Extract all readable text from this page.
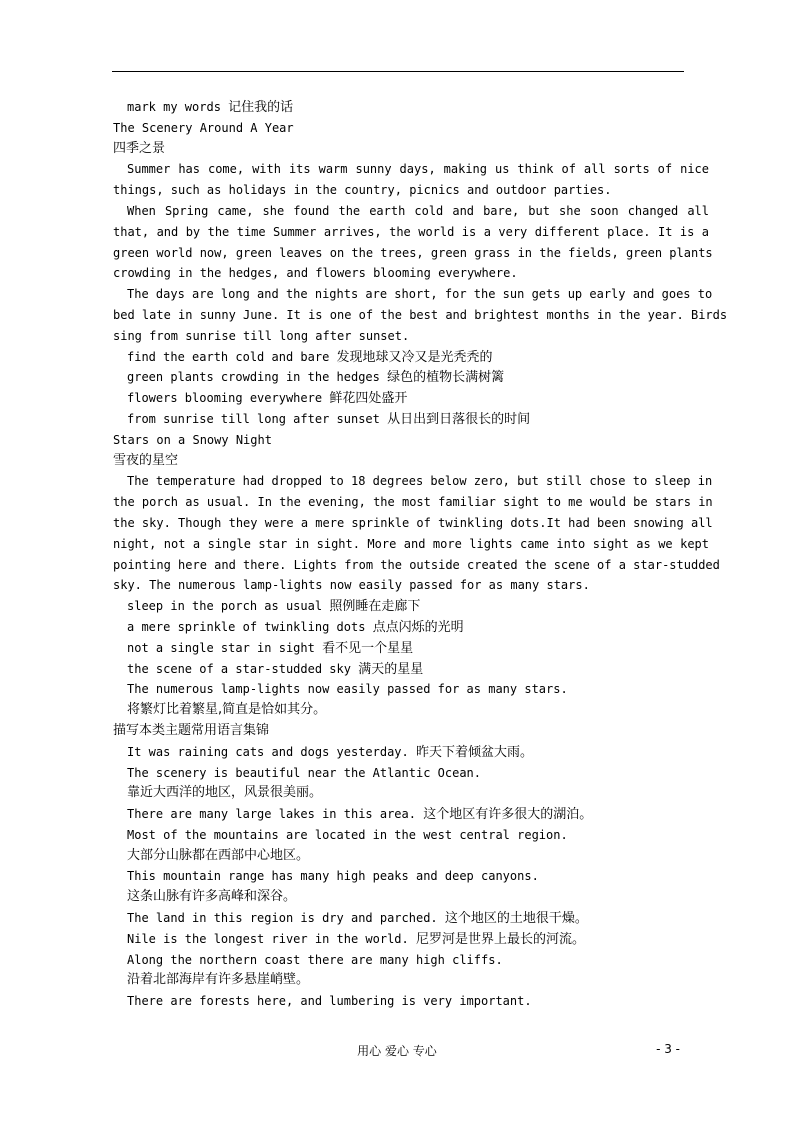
mark my words 记住我的话
The Scenery Around A Year
四季之景
Summer has come, with its warm sunny days, making us think of all sorts of nice
things, such as holidays in the country, picnics and outdoor parties.
When Spring came, she found the earth cold and bare, but she soon changed all
that, and by the time Summer arrives, the world is a very different place. It is a
green world now, green leaves on the trees, green grass in the fields, green plants
crowding in the hedges, and flowers blooming everywhere.
The days are long and the nights are short, for the sun gets up early and goes to
bed late in sunny June. It is one of the best and brightest months in the year. Birds
sing from sunrise till long after sunset.
find the earth cold and bare 发现地球又冷又是光秃秃的
green plants crowding in the hedges 绿色的植物长满树篱
flowers blooming everywhere 鲜花四处盛开
from sunrise till long after sunset 从日出到日落很长的时间
Stars on a Snowy Night
雪夜的星空
The temperature had dropped to 18 degrees below zero, but still chose to sleep in
the porch as usual. In the evening, the most familiar sight to me would be stars in
the sky. Though they were a mere sprinkle of twinkling dots.It had been snowing all
night, not a single star in sight. More and more lights came into sight as we kept
pointing here and there. Lights from the outside created the scene of a star-studded
sky. The numerous lamp-lights now easily passed for as many stars.
sleep in the porch as usual 照例睡在走廊下
a mere sprinkle of twinkling dots 点点闪烁的光明
not a single star in sight 看不见一个星星
the scene of a star-studded sky 满天的星星
The numerous lamp-lights now easily passed for as many stars.
将繁灯比着繁星,简直是恰如其分。
描写本类主题常用语言集锦
It was raining cats and dogs yesterday. 昨天下着倾盆大雨。
The scenery is beautiful near the Atlantic Ocean.
靠近大西洋的地区，风景很美丽。
There are many large lakes in this area. 这个地区有许多很大的湖泊。
Most of the mountains are located in the west central region.
大部分山脉都在西部中心地区。
This mountain range has many high peaks and deep canyons.
这条山脉有许多高峰和深谷。
The land in this region is dry and parched. 这个地区的土地很干燥。
Nile is the longest river in the world. 尼罗河是世界上最长的河流。
Along the northern coast there are many high cliffs.
沿着北部海岸有许多悬崖峭壁。
There are forests here, and lumbering is very important.
用心 爱心 专心	- 3 -
